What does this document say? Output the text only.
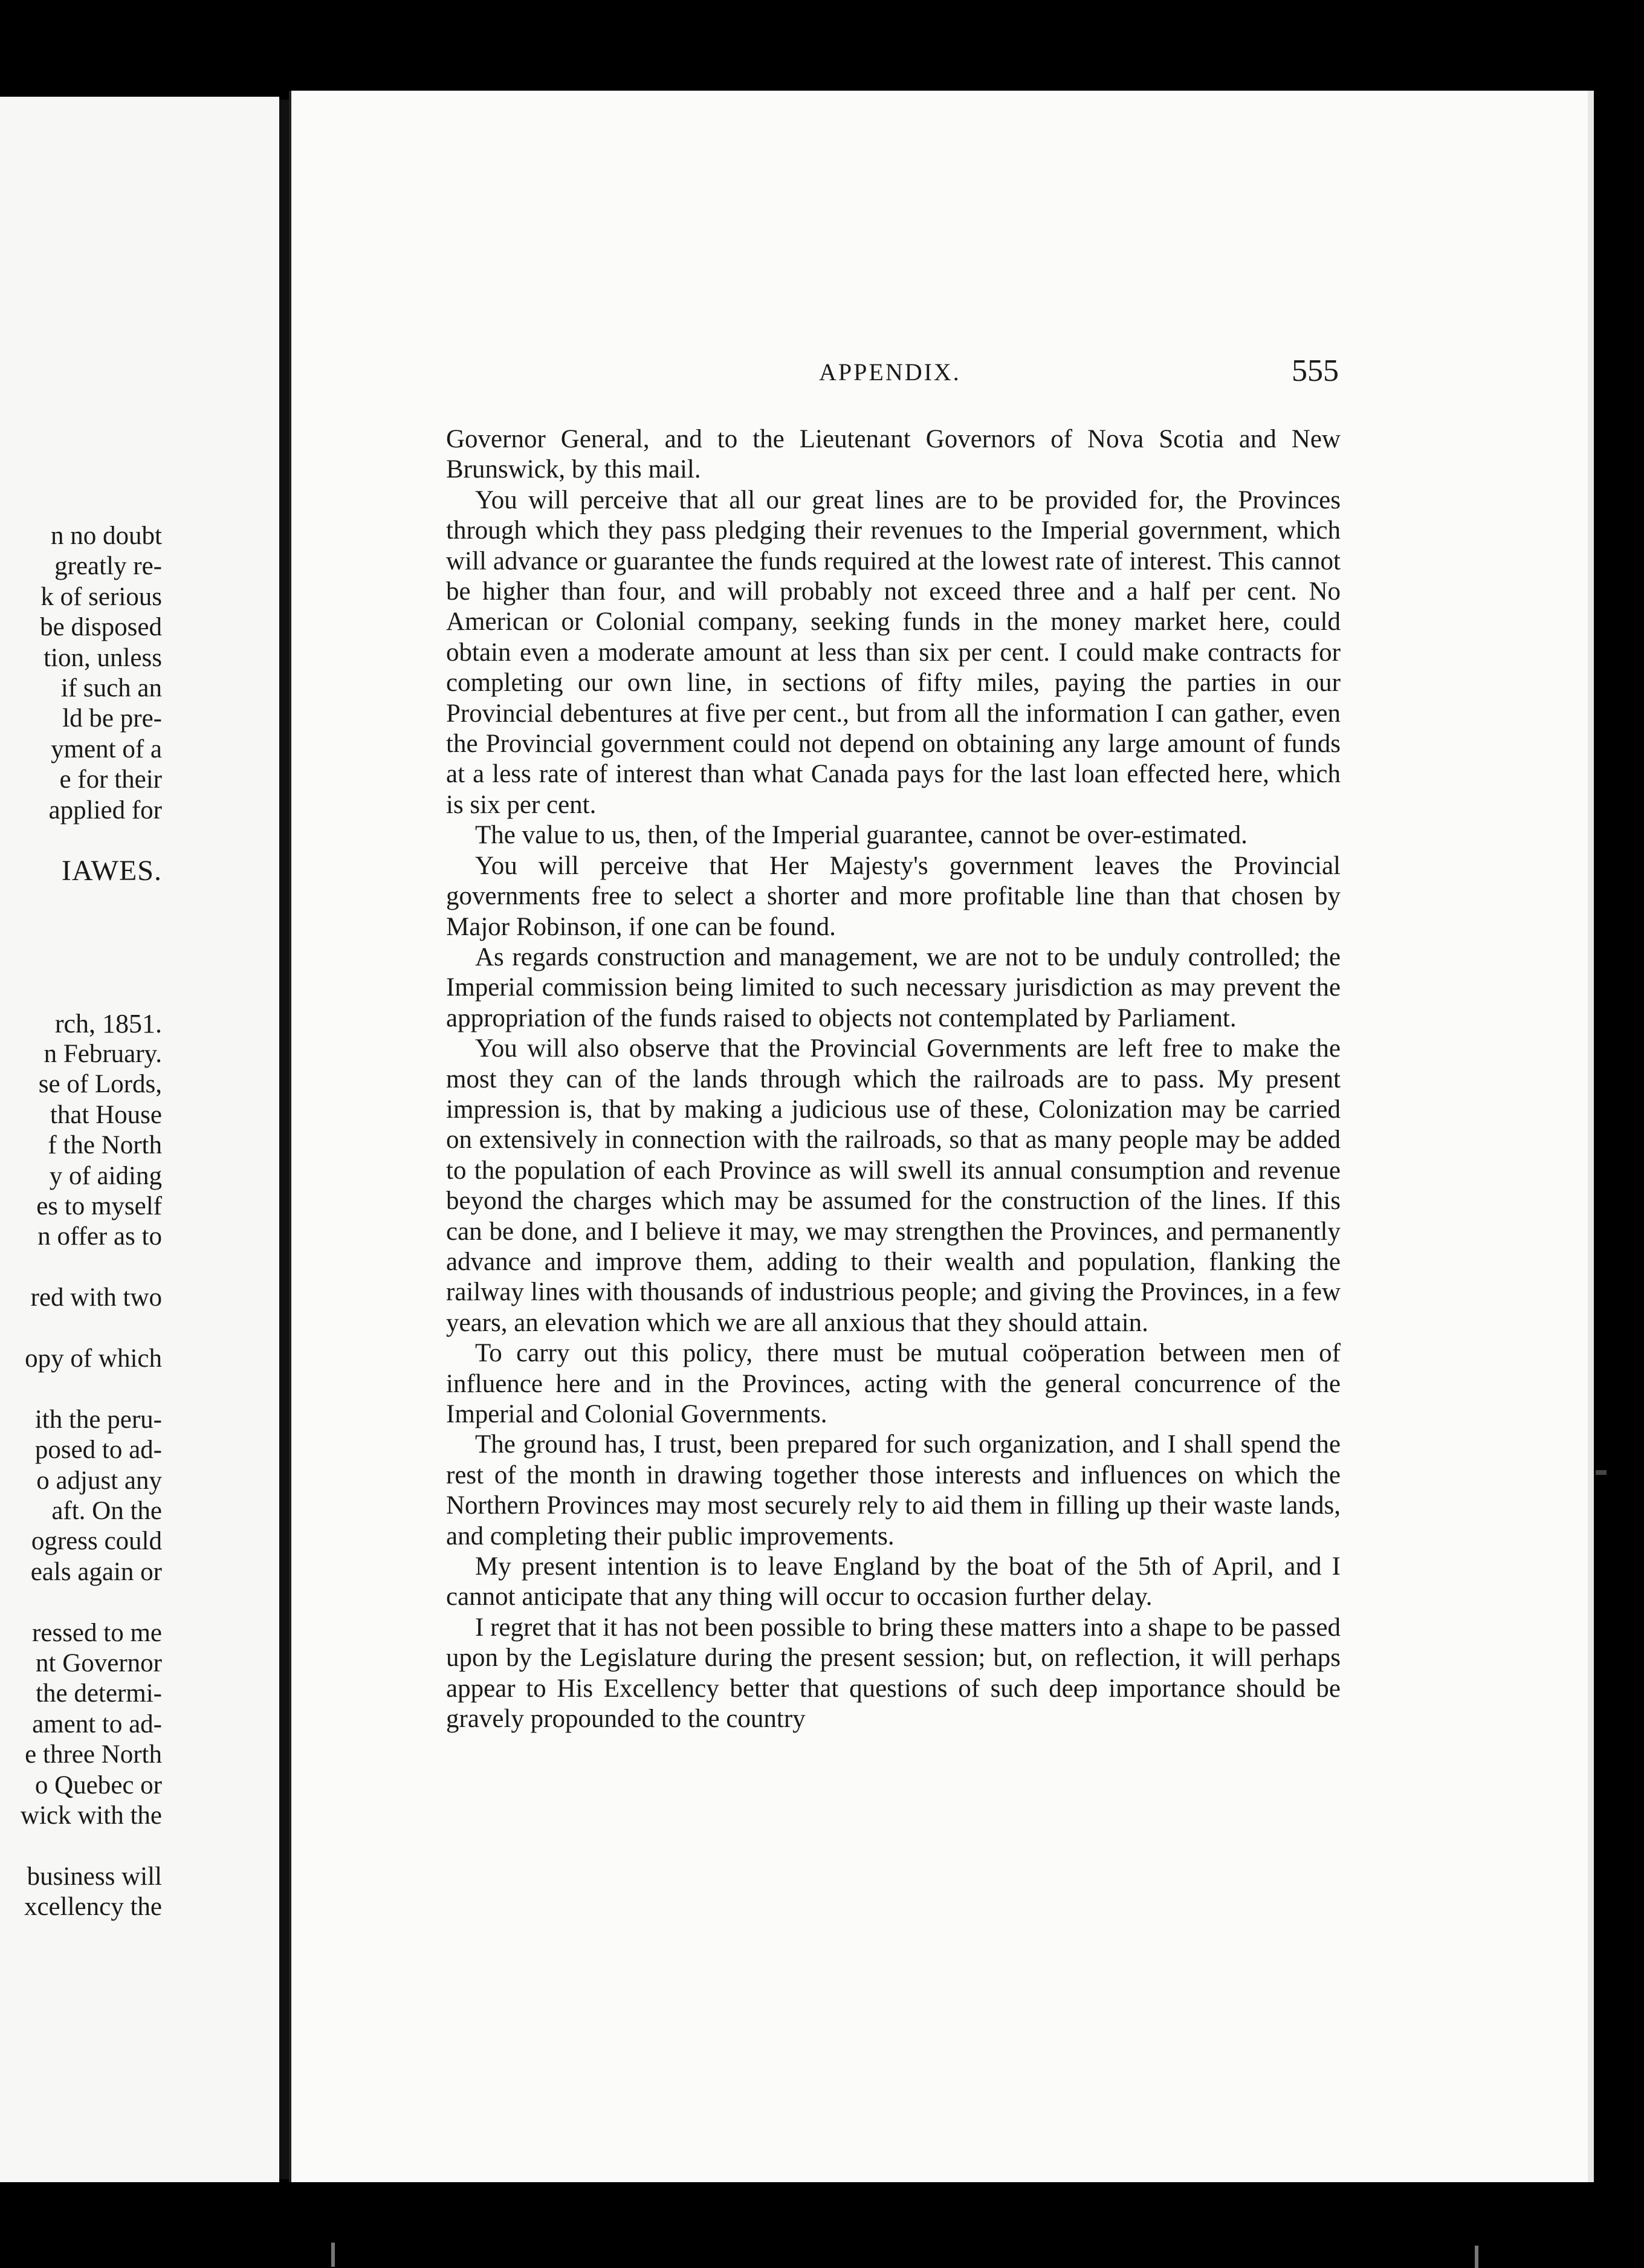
n no doubt
greatly re-
k of serious
be disposed
tion, unless
if such an
ld be pre-
yment of a
e for their
applied for

IAWES.

rch, 1851.
n February.
se of Lords,
that House
f the North
y of aiding
es to myself
n offer as to

red with two

opy of which

ith the peru-
posed to ad-
o adjust any
aft. On the
ogress could
eals again or

ressed to me
nt Governor
the determi-
ament to ad-
e three North
o Quebec or
wick with the

business will
xcellency the
APPENDIX.	555

Governor General, and to the Lieutenant Governors of Nova Scotia and New Brunswick, by this mail.

You will perceive that all our great lines are to be provided for, the Provinces through which they pass pledging their revenues to the Imperial government, which will advance or guarantee the funds required at the lowest rate of interest. This cannot be higher than four, and will probably not exceed three and a half per cent. No American or Colonial company, seeking funds in the money market here, could obtain even a moderate amount at less than six per cent. I could make contracts for completing our own line, in sections of fifty miles, paying the parties in our Provincial debentures at five per cent., but from all the information I can gather, even the Provincial government could not depend on obtaining any large amount of funds at a less rate of interest than what Canada pays for the last loan effected here, which is six per cent.

The value to us, then, of the Imperial guarantee, cannot be over-estimated.

You will perceive that Her Majesty's government leaves the Provincial governments free to select a shorter and more profitable line than that chosen by Major Robinson, if one can be found.

As regards construction and management, we are not to be unduly controlled; the Imperial commission being limited to such necessary jurisdiction as may prevent the appropriation of the funds raised to objects not contemplated by Parliament.

You will also observe that the Provincial Governments are left free to make the most they can of the lands through which the railroads are to pass. My present impression is, that by making a judicious use of these, Colonization may be carried on extensively in connection with the railroads, so that as many people may be added to the population of each Province as will swell its annual consumption and revenue beyond the charges which may be assumed for the construction of the lines. If this can be done, and I believe it may, we may strengthen the Provinces, and permanently advance and improve them, adding to their wealth and population, flanking the railway lines with thousands of industrious people; and giving the Provinces, in a few years, an elevation which we are all anxious that they should attain.

To carry out this policy, there must be mutual coöperation between men of influence here and in the Provinces, acting with the general concurrence of the Imperial and Colonial Governments.

The ground has, I trust, been prepared for such organization, and I shall spend the rest of the month in drawing together those interests and influences on which the Northern Provinces may most securely rely to aid them in filling up their waste lands, and completing their public improvements.

My present intention is to leave England by the boat of the 5th of April, and I cannot anticipate that any thing will occur to occasion further delay.

I regret that it has not been possible to bring these matters into a shape to be passed upon by the Legislature during the present session; but, on reflection, it will perhaps appear to His Excellency better that questions of such deep importance should be gravely propounded to the country
